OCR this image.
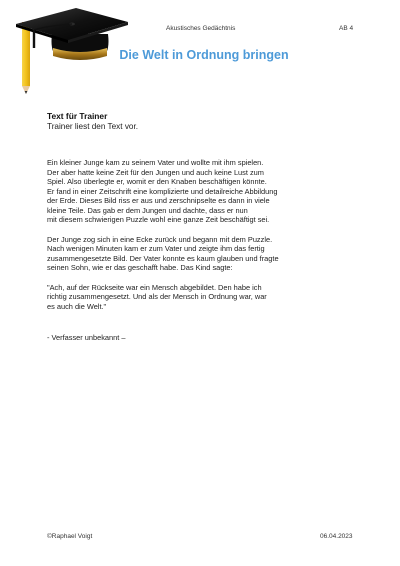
Akustisches Gedächtnis	AB 4
Die Welt in Ordnung bringen
Text für Trainer
Trainer liest den Text vor.
Ein kleiner Junge kam zu seinem Vater und wollte mit ihm spielen.
Der aber hatte keine Zeit für den Jungen und auch keine Lust zum
Spiel. Also überlegte er, womit er den Knaben beschäftigen könnte.
Er fand in einer Zeitschrift eine komplizierte und detailreiche Abbildung
der Erde. Dieses Bild riss er aus und zerschnipselte es dann in viele
kleine Teile. Das gab er dem Jungen und dachte, dass er nun
mit diesem schwierigen Puzzle wohl eine ganze Zeit beschäftigt sei.
Der Junge zog sich in eine Ecke zurück und begann mit dem Puzzle.
Nach wenigen Minuten kam er zum Vater und zeigte ihm das fertig
zusammengesetzte Bild. Der Vater konnte es kaum glauben und fragte
seinen Sohn, wie er das geschafft habe. Das Kind sagte:
"Ach, auf der Rückseite war ein Mensch abgebildet. Den habe ich
richtig zusammengesetzt. Und als der Mensch in Ordnung war, war
es auch die Welt."
- Verfasser unbekannt –
©Raphael Voigt	06.04.2023
